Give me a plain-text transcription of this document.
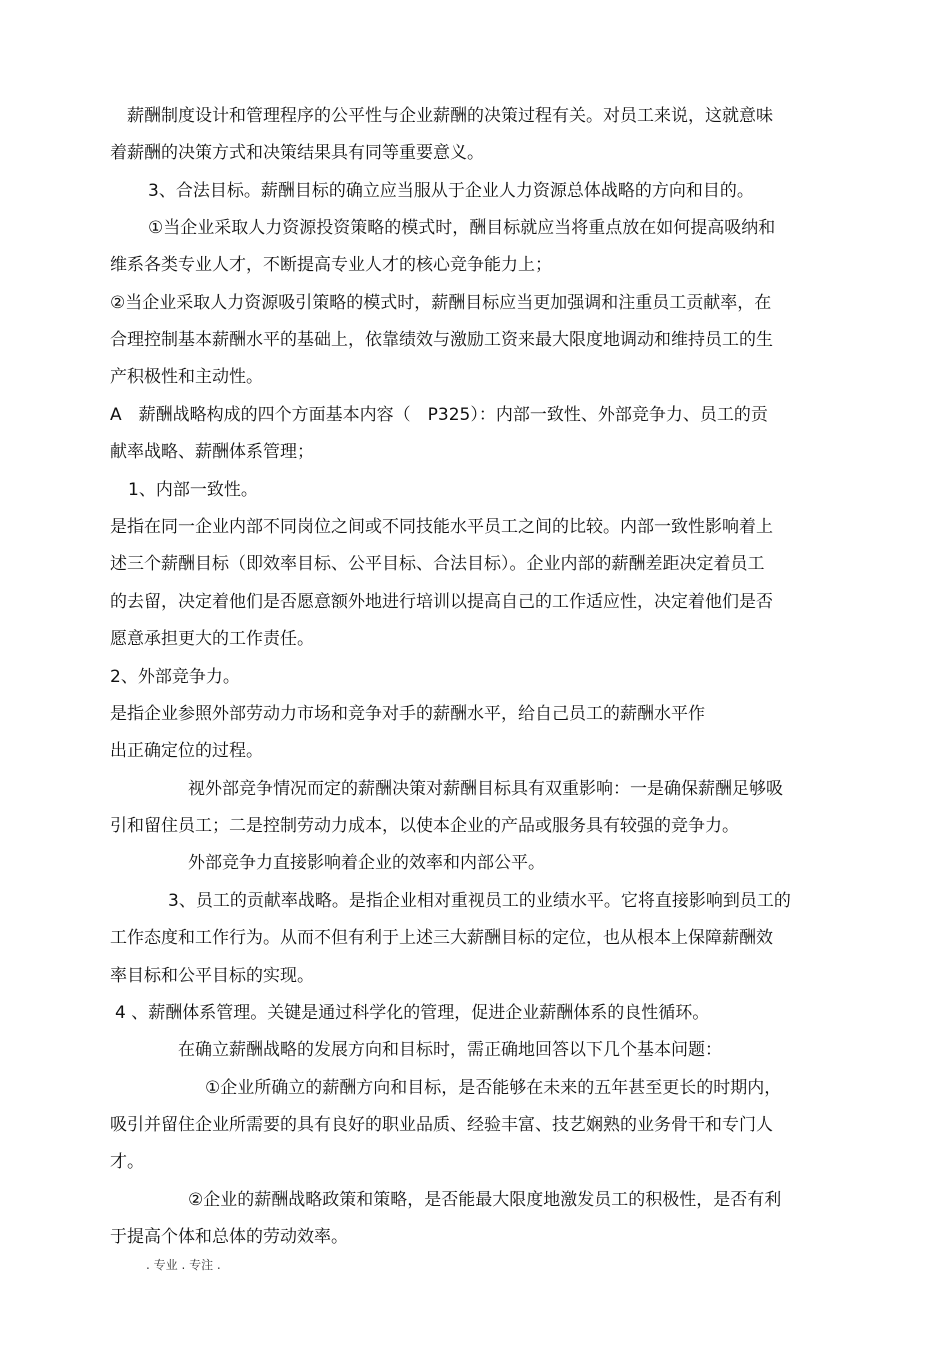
薪酬制度设计和管理程序的公平性与企业薪酬的决策过程有关。对员工来说，这就意味
着薪酬的决策方式和决策结果具有同等重要意义。
3、合法目标。薪酬目标的确立应当服从于企业人力资源总体战略的方向和目的。
①当企业采取人力资源投资策略的模式时，酬目标就应当将重点放在如何提高吸纳和
维系各类专业人才，不断提高专业人才的核心竞争能力上；
②当企业采取人力资源吸引策略的模式时，薪酬目标应当更加强调和注重员工贡献率，在
合理控制基本薪酬水平的基础上，依靠绩效与激励工资来最大限度地调动和维持员工的生
产积极性和主动性。
A　薪酬战略构成的四个方面基本内容（　P325）：内部一致性、外部竞争力、员工的贡
献率战略、薪酬体系管理；
1、内部一致性。
是指在同一企业内部不同岗位之间或不同技能水平员工之间的比较。内部一致性影响着上
述三个薪酬目标（即效率目标、公平目标、合法目标）。企业内部的薪酬差距决定着员工
的去留，决定着他们是否愿意额外地进行培训以提高自己的工作适应性，决定着他们是否
愿意承担更大的工作责任。
2、外部竞争力。
是指企业参照外部劳动力市场和竞争对手的薪酬水平，给自己员工的薪酬水平作
出正确定位的过程。
视外部竞争情况而定的薪酬决策对薪酬目标具有双重影响：一是确保薪酬足够吸
引和留住员工；二是控制劳动力成本，以使本企业的产品或服务具有较强的竞争力。
外部竞争力直接影响着企业的效率和内部公平。
3、员工的贡献率战略。是指企业相对重视员工的业绩水平。它将直接影响到员工的
工作态度和工作行为。从而不但有利于上述三大薪酬目标的定位，也从根本上保障薪酬效
率目标和公平目标的实现。
4 、薪酬体系管理。关键是通过科学化的管理，促进企业薪酬体系的良性循环。
在确立薪酬战略的发展方向和目标时，需正确地回答以下几个基本问题：
①企业所确立的薪酬方向和目标，是否能够在未来的五年甚至更长的时期内，
吸引并留住企业所需要的具有良好的职业品质、经验丰富、技艺娴熟的业务骨干和专门人
才。
②企业的薪酬战略政策和策略，是否能最大限度地激发员工的积极性，是否有利
于提高个体和总体的劳动效率。
. 专业 . 专注 .
